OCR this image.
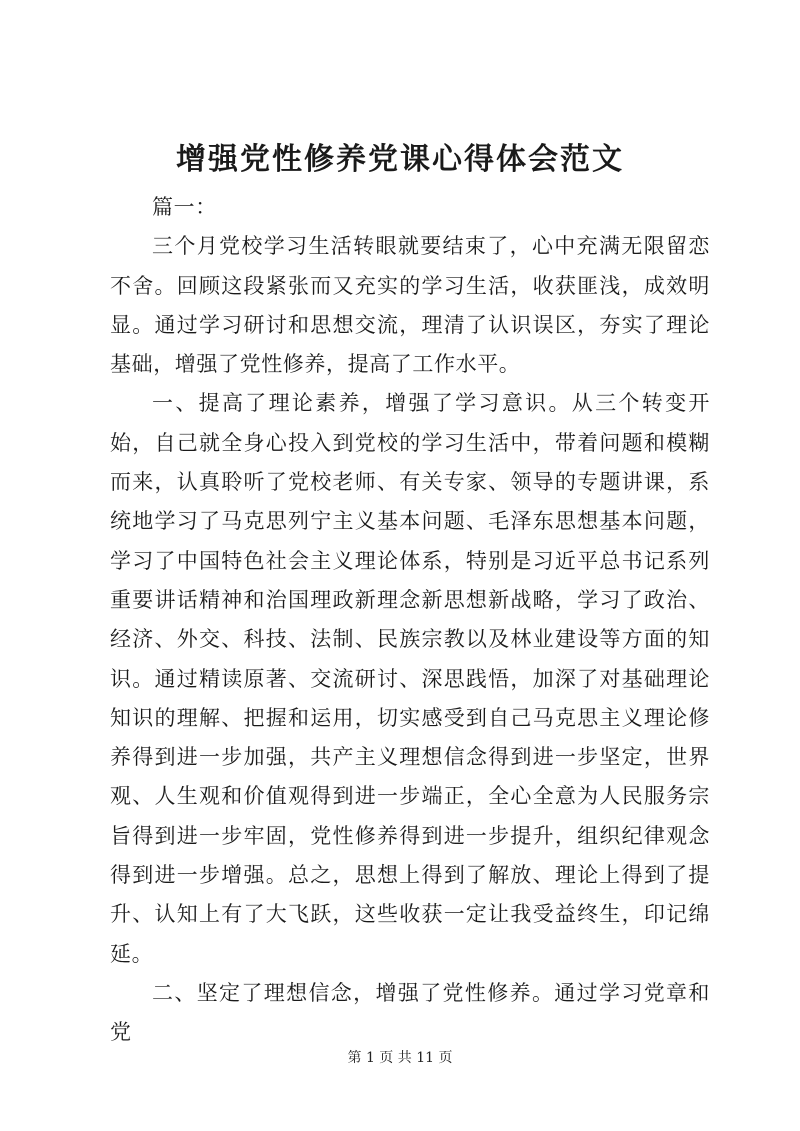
增强党性修养党课心得体会范文

篇一：

三个月党校学习生活转眼就要结束了，心中充满无限留恋不舍。回顾这段紧张而又充实的学习生活，收获匪浅，成效明显。通过学习研讨和思想交流，理清了认识误区，夯实了理论基础，增强了党性修养，提高了工作水平。

一、提高了理论素养，增强了学习意识。从三个转变开始，自己就全身心投入到党校的学习生活中，带着问题和模糊而来，认真聆听了党校老师、有关专家、领导的专题讲课，系统地学习了马克思列宁主义基本问题、毛泽东思想基本问题，学习了中国特色社会主义理论体系，特别是习近平总书记系列重要讲话精神和治国理政新理念新思想新战略，学习了政治、经济、外交、科技、法制、民族宗教以及林业建设等方面的知识。通过精读原著、交流研讨、深思践悟，加深了对基础理论知识的理解、把握和运用，切实感受到自己马克思主义理论修养得到进一步加强，共产主义理想信念得到进一步坚定，世界观、人生观和价值观得到进一步端正，全心全意为人民服务宗旨得到进一步牢固，党性修养得到进一步提升，组织纪律观念得到进一步增强。总之，思想上得到了解放、理论上得到了提升、认知上有了大飞跃，这些收获一定让我受益终生，印记绵延。

二、坚定了理想信念，增强了党性修养。通过学习党章和党

第 1 页 共 11 页
